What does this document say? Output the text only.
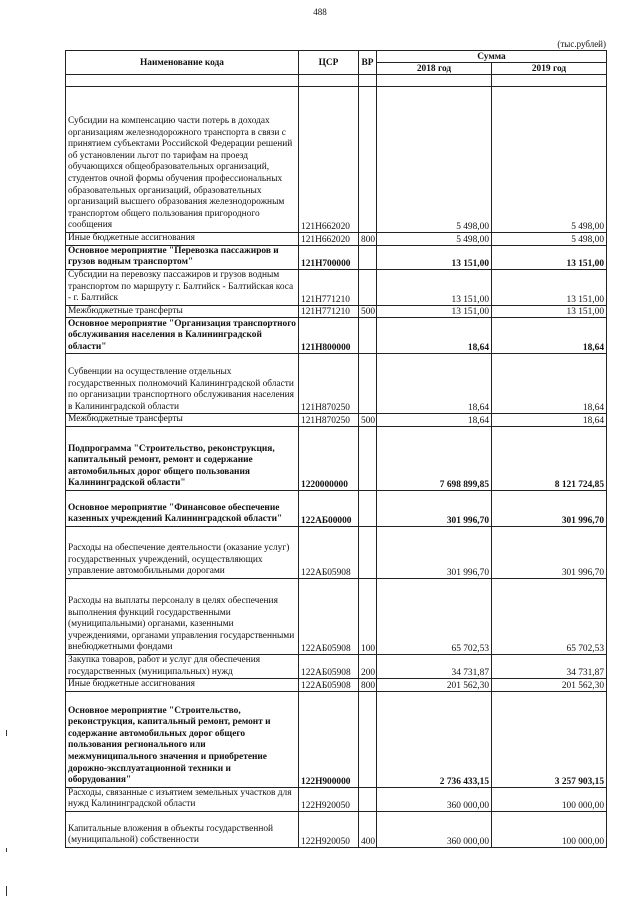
488
(тыс.рублей)
Наименование кода	ЦСР	ВР	Сумма	
			2018 год	2019 год

Субсидии на компенсацию части потерь в доходах организациям железнодорожного транспорта в связи с принятием субъектами Российской Федерации решений об установлении льгот по тарифам на проезд обучающихся общеобразовательных организаций, студентов очной формы обучения профессиональных образовательных организаций, образовательных организаций высшего образования железнодорожным транспортом общего пользования пригородного сообщения	121Н662020		5 498,00	5 498,00
Иные бюджетные ассигнования	121Н662020	800	5 498,00	5 498,00
Основное мероприятие "Перевозка пассажиров и грузов водным транспортом"	121Н700000		13 151,00	13 151,00
Субсидии на перевозку пассажиров и грузов водным транспортом по маршруту г. Балтийск - Балтийская коса - г. Балтийск	121Н771210		13 151,00	13 151,00
Межбюджетные трансферты	121Н771210	500	13 151,00	13 151,00
Основное мероприятие "Организация транспортного обслуживания населения в Калининградской области"	121Н800000		18,64	18,64
Субвенции на осуществление отдельных государственных полномочий Калининградской области по организации транспортного обслуживания населения в Калининградской области	121Н870250		18,64	18,64
Межбюджетные трансферты	121Н870250	500	18,64	18,64
Подпрограмма "Строительство, реконструкция, капитальный ремонт, ремонт и содержание автомобильных дорог общего пользования Калининградской области"	1220000000		7 698 899,85	8 121 724,85
Основное мероприятие "Финансовое обеспечение казенных учреждений Калининградской области"	122АБ00000		301 996,70	301 996,70
Расходы на обеспечение деятельности (оказание услуг) государственных учреждений, осуществляющих управление автомобильными дорогами	122АБ05908		301 996,70	301 996,70
Расходы на выплаты персоналу в целях обеспечения выполнения функций государственными (муниципальными) органами, казенными учреждениями, органами управления государственными внебюджетными фондами	122АБ05908	100	65 702,53	65 702,53
Закупка товаров, работ и услуг для обеспечения государственных (муниципальных) нужд	122АБ05908	200	34 731,87	34 731,87
Иные бюджетные ассигнования	122АБ05908	800	201 562,30	201 562,30
Основное мероприятие "Строительство, реконструкция, капитальный ремонт, ремонт и содержание автомобильных дорог общего пользования регионального или межмуниципального значения и приобретение дорожно-эксплуатационной техники и оборудования"	122Н900000		2 736 433,15	3 257 903,15
Расходы, связанные с изъятием земельных участков для нужд Калининградской области	122Н920050		360 000,00	100 000,00
Капитальные вложения в объекты государственной (муниципальной) собственности	122Н920050	400	360 000,00	100 000,00
